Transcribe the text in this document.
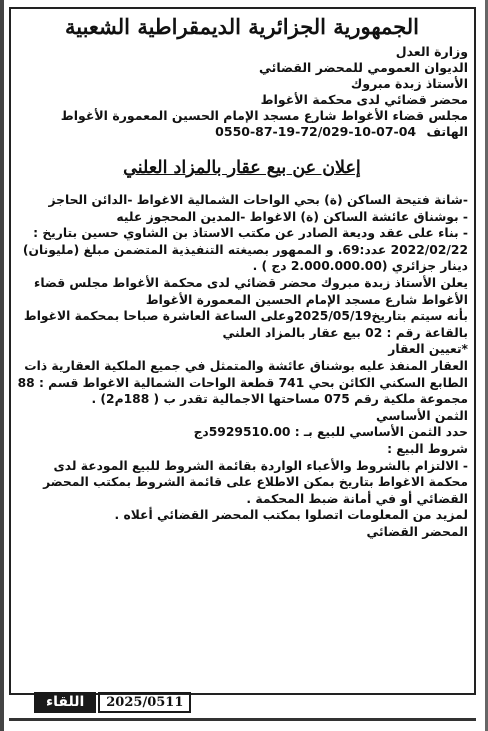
الجمهورية الجزائرية الديمقراطية الشعبية
وزارة العدل
الديوان العمومي للمحضر القضائي
الأستاذ زبدة مبروك
محضر قضائي لدى محكمة الأغواط
مجلس قضاء الأغواط شارع مسجد الإمام الحسين المعمورة الأغواط
الهاتف 0550-87-19-72/029-10-07-04
إعلان عن بيع عقار بالمزاد العلني
-شانة فتيحة الساكن (ة) بحي الواحات الشمالية الاغواط -الدائن الحاجز
- بوشناق عائشة الساكن (ة) الاغواط -المدين المحجوز عليه
- بناء على عقد وديعة الصادر عن مكتب الاستاذ بن الشاوي حسين بتاريخ : 2022/02/22 عدد:69. و الممهور بصيغته التنفيذية المتضمن مبلغ (مليونان) دينار جزائري (2.000.000.00 دج ) .
يعلن الأستاذ زبدة مبروك محضر قضائي لدى محكمة الأغواط مجلس قضاء الأغواط شارع مسجد الإمام الحسين المعمورة الأغواط
بأنه سيتم بتاريخ2025/05/19وعلى الساعة العاشرة صباحا بمحكمة الاغواط بالقاعة رقم : 02 بيع عقار بالمزاد العلني
*تعيين العقار
العقار المنفذ عليه بوشناق عائشة والمتمثل في جميع الملكية العقارية ذات الطابع السكني الكائن بحي 741 قطعة الواحات الشمالية الاغواط قسم : 88 مجموعة ملكية رقم 075 مساحتها الاجمالية تقدر ب ( 188م2) .
الثمن الأساسي
حدد الثمن الأساسي للبيع بـ : 5929510.00دج
شروط البيع :
- الالتزام بالشروط والأعباء الواردة بقائمة الشروط للبيع المودعة لدى محكمة الاغواط بتاريخ بمكن الاطلاع على قائمة الشروط بمكتب المحضر القضائي أو في أمانة ضبط المحكمة .
لمزيد من المعلومات اتصلوا بمكتب المحضر القضائي أعلاه .
المحضر القضائي
اللقاء	2025/0511
